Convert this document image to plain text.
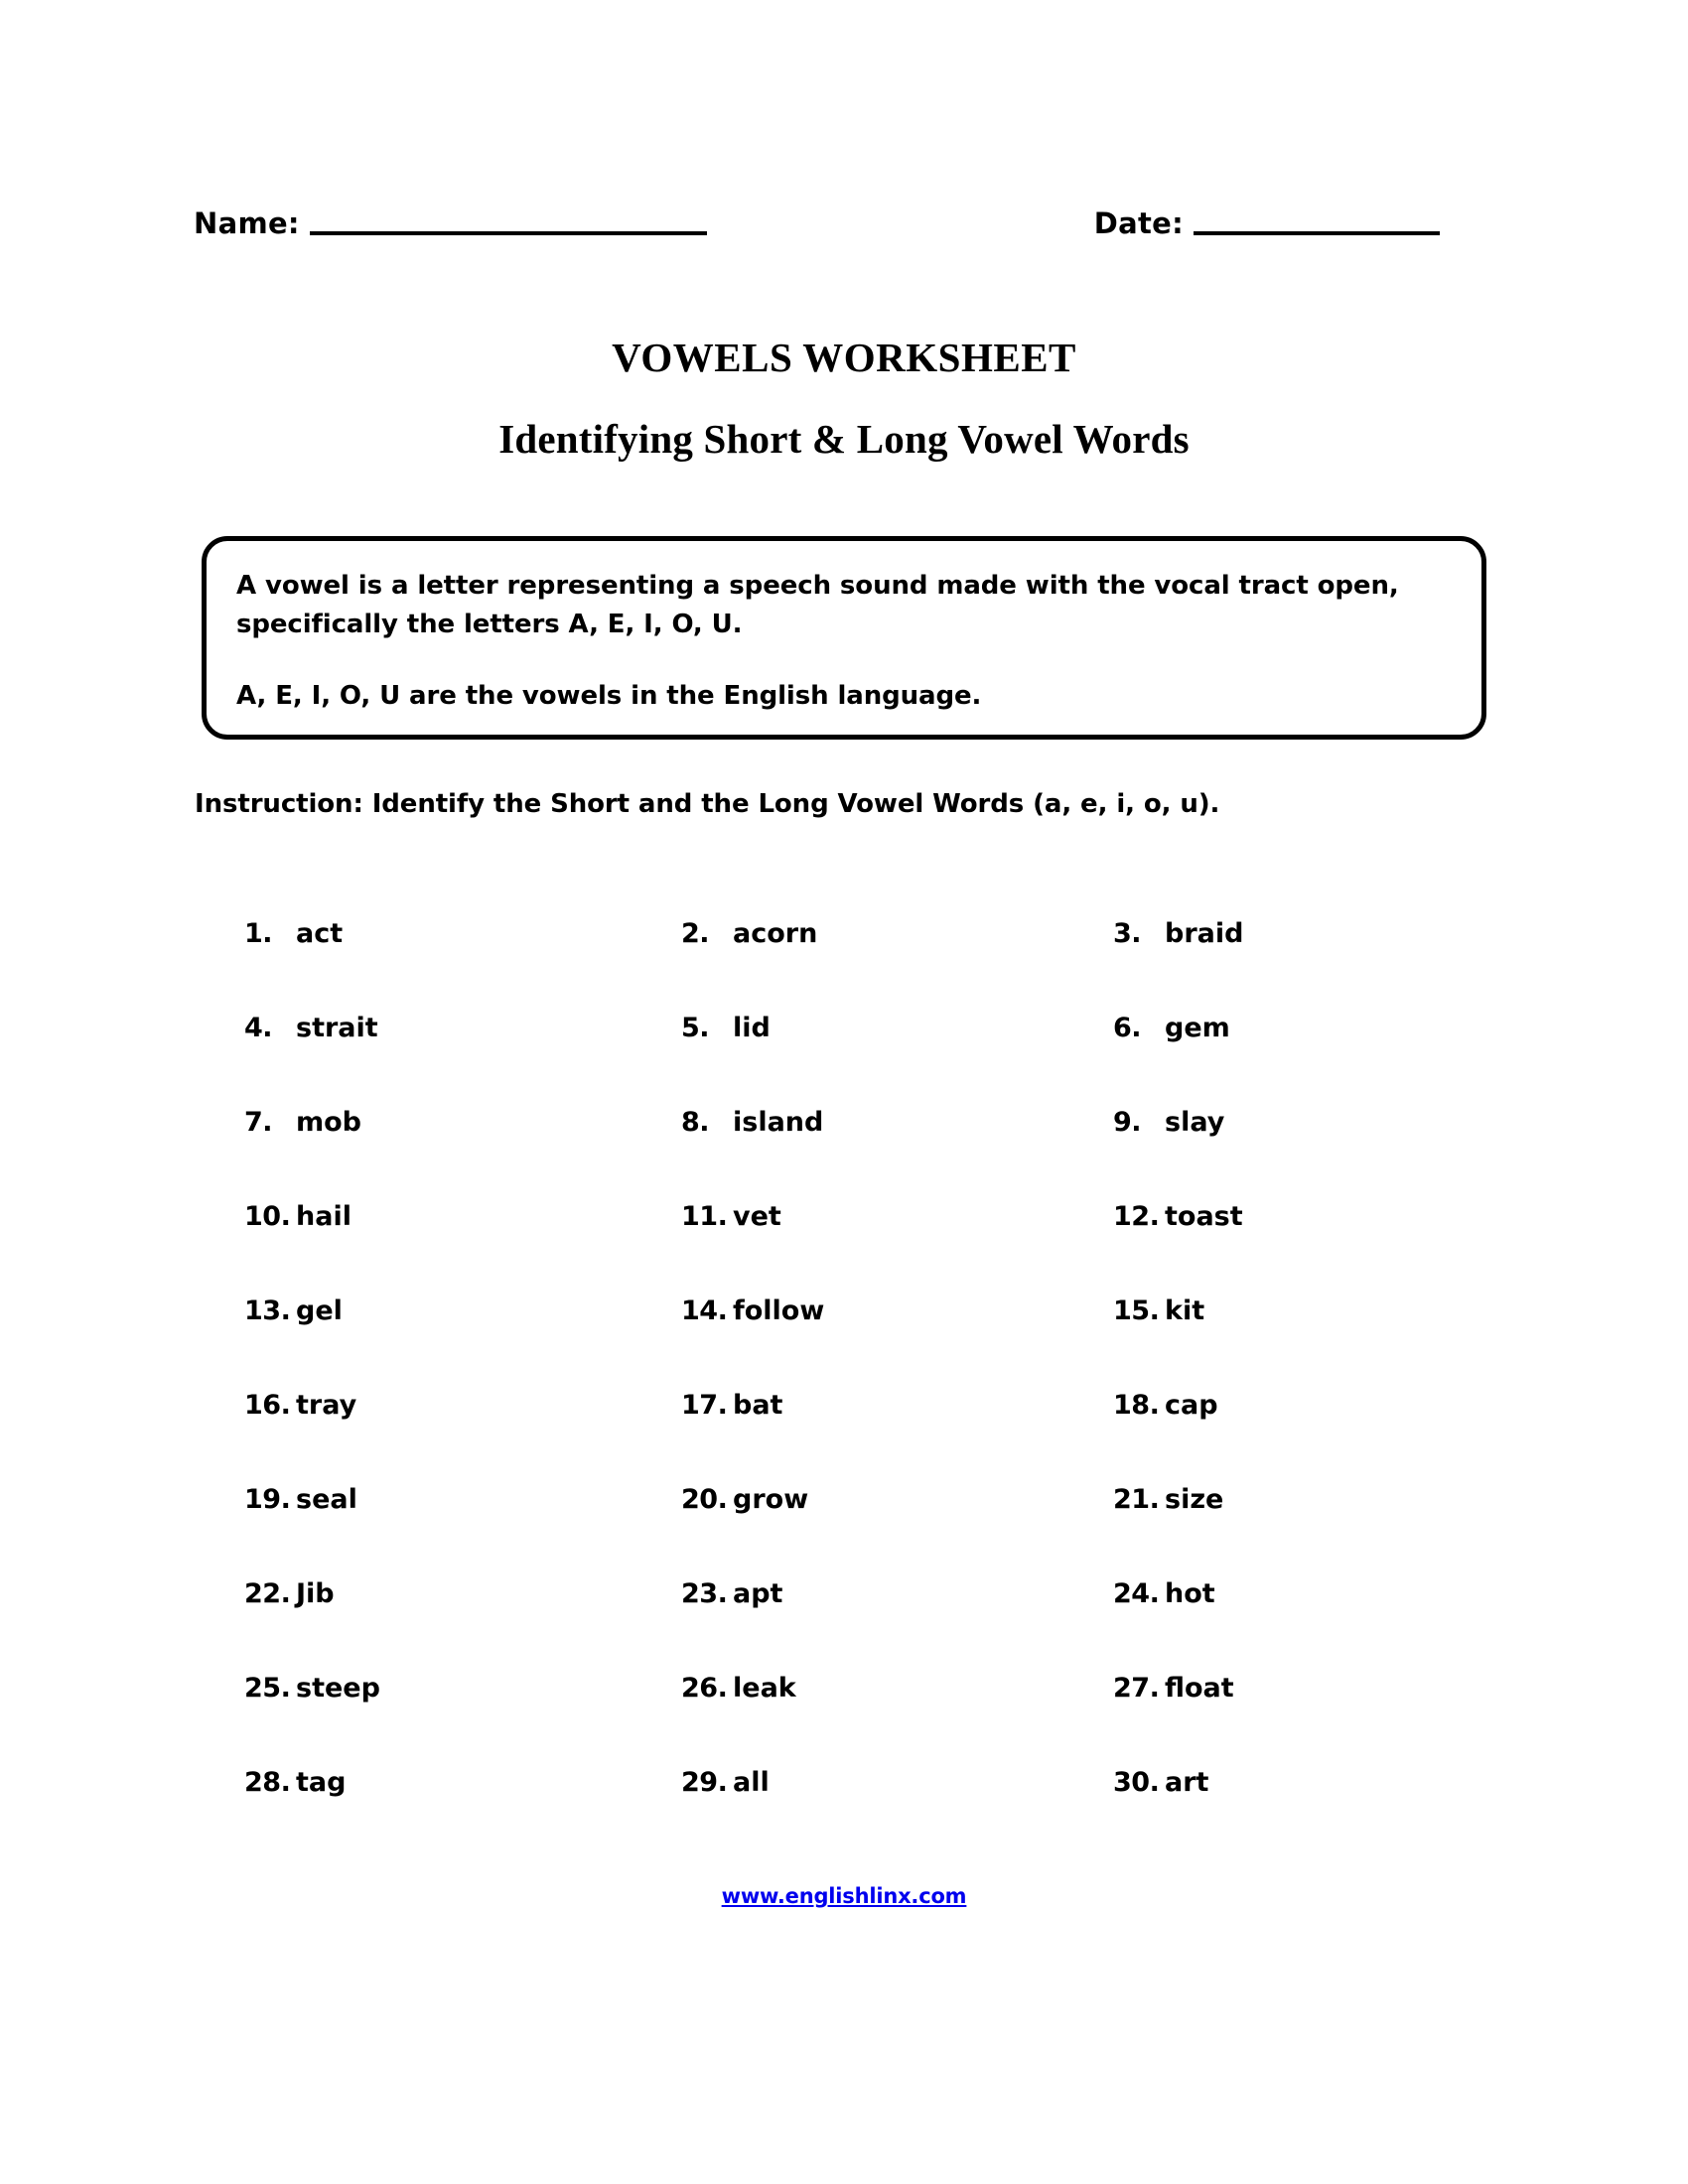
Name:	Date:
VOWELS WORKSHEET
Identifying Short & Long Vowel Words
A vowel is a letter representing a speech sound made with the vocal tract open, specifically the letters A, E, I, O, U.
A, E, I, O, U are the vowels in the English language.
Instruction: Identify the Short and the Long Vowel Words (a, e, i, o, u).
1. act	2. acorn	3. braid
4. strait	5. lid	6. gem
7. mob	8. island	9. slay
10. hail	11. vet	12. toast
13. gel	14. follow	15. kit
16. tray	17. bat	18. cap
19. seal	20. grow	21. size
22. Jib	23. apt	24. hot
25. steep	26. leak	27. float
28. tag	29. all	30. art
www.englishlinx.com
